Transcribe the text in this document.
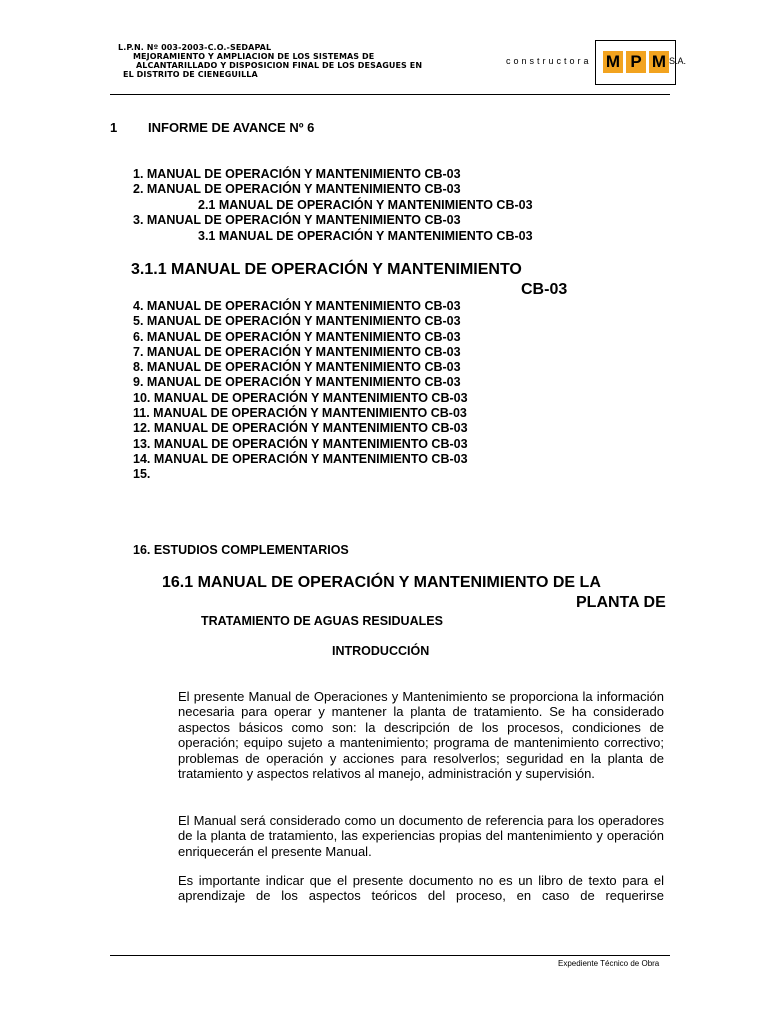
L.P.N. Nº 003-2003-C.O.-SEDAPAL
MEJORAMIENTO Y AMPLIACION DE LOS SISTEMAS DE
ALCANTARILLADO Y DISPOSICION FINAL DE LOS DESAGUES EN
EL DISTRITO DE CIENEGUILLA
constructora M P M S.A.
1 INFORME DE AVANCE Nº 6
1. MANUAL DE OPERACIÓN Y MANTENIMIENTO CB-03
2. MANUAL DE OPERACIÓN Y MANTENIMIENTO CB-03
2.1 MANUAL DE OPERACIÓN Y MANTENIMIENTO CB-03
3. MANUAL DE OPERACIÓN Y MANTENIMIENTO CB-03
3.1 MANUAL DE OPERACIÓN Y MANTENIMIENTO CB-03
3.1.1 MANUAL DE OPERACIÓN Y MANTENIMIENTO
CB-03
4. MANUAL DE OPERACIÓN Y MANTENIMIENTO CB-03
5. MANUAL DE OPERACIÓN Y MANTENIMIENTO CB-03
6. MANUAL DE OPERACIÓN Y MANTENIMIENTO CB-03
7. MANUAL DE OPERACIÓN Y MANTENIMIENTO CB-03
8. MANUAL DE OPERACIÓN Y MANTENIMIENTO CB-03
9. MANUAL DE OPERACIÓN Y MANTENIMIENTO CB-03
10. MANUAL DE OPERACIÓN Y MANTENIMIENTO CB-03
11. MANUAL DE OPERACIÓN Y MANTENIMIENTO CB-03
12. MANUAL DE OPERACIÓN Y MANTENIMIENTO CB-03
13. MANUAL DE OPERACIÓN Y MANTENIMIENTO CB-03
14. MANUAL DE OPERACIÓN Y MANTENIMIENTO CB-03
15.
16. ESTUDIOS COMPLEMENTARIOS
16.1 MANUAL DE OPERACIÓN Y MANTENIMIENTO DE LA
PLANTA DE
TRATAMIENTO DE AGUAS RESIDUALES
INTRODUCCIÓN
El presente Manual de Operaciones y Mantenimiento se proporciona la información necesaria para operar y mantener la planta de tratamiento. Se ha considerado aspectos básicos como son: la descripción de los procesos, condiciones de operación; equipo sujeto a mantenimiento; programa de mantenimiento correctivo; problemas de operación y acciones para resolverlos; seguridad en la planta de tratamiento y aspectos relativos al manejo, administración y supervisión.
El Manual será considerado como un documento de referencia para los operadores de la planta de tratamiento, las experiencias propias del mantenimiento y operación enriquecerán el presente Manual.
Es importante indicar que el presente documento no es un libro de texto para el aprendizaje de los aspectos teóricos del proceso, en caso de requerirse
Expediente Técnico de Obra
